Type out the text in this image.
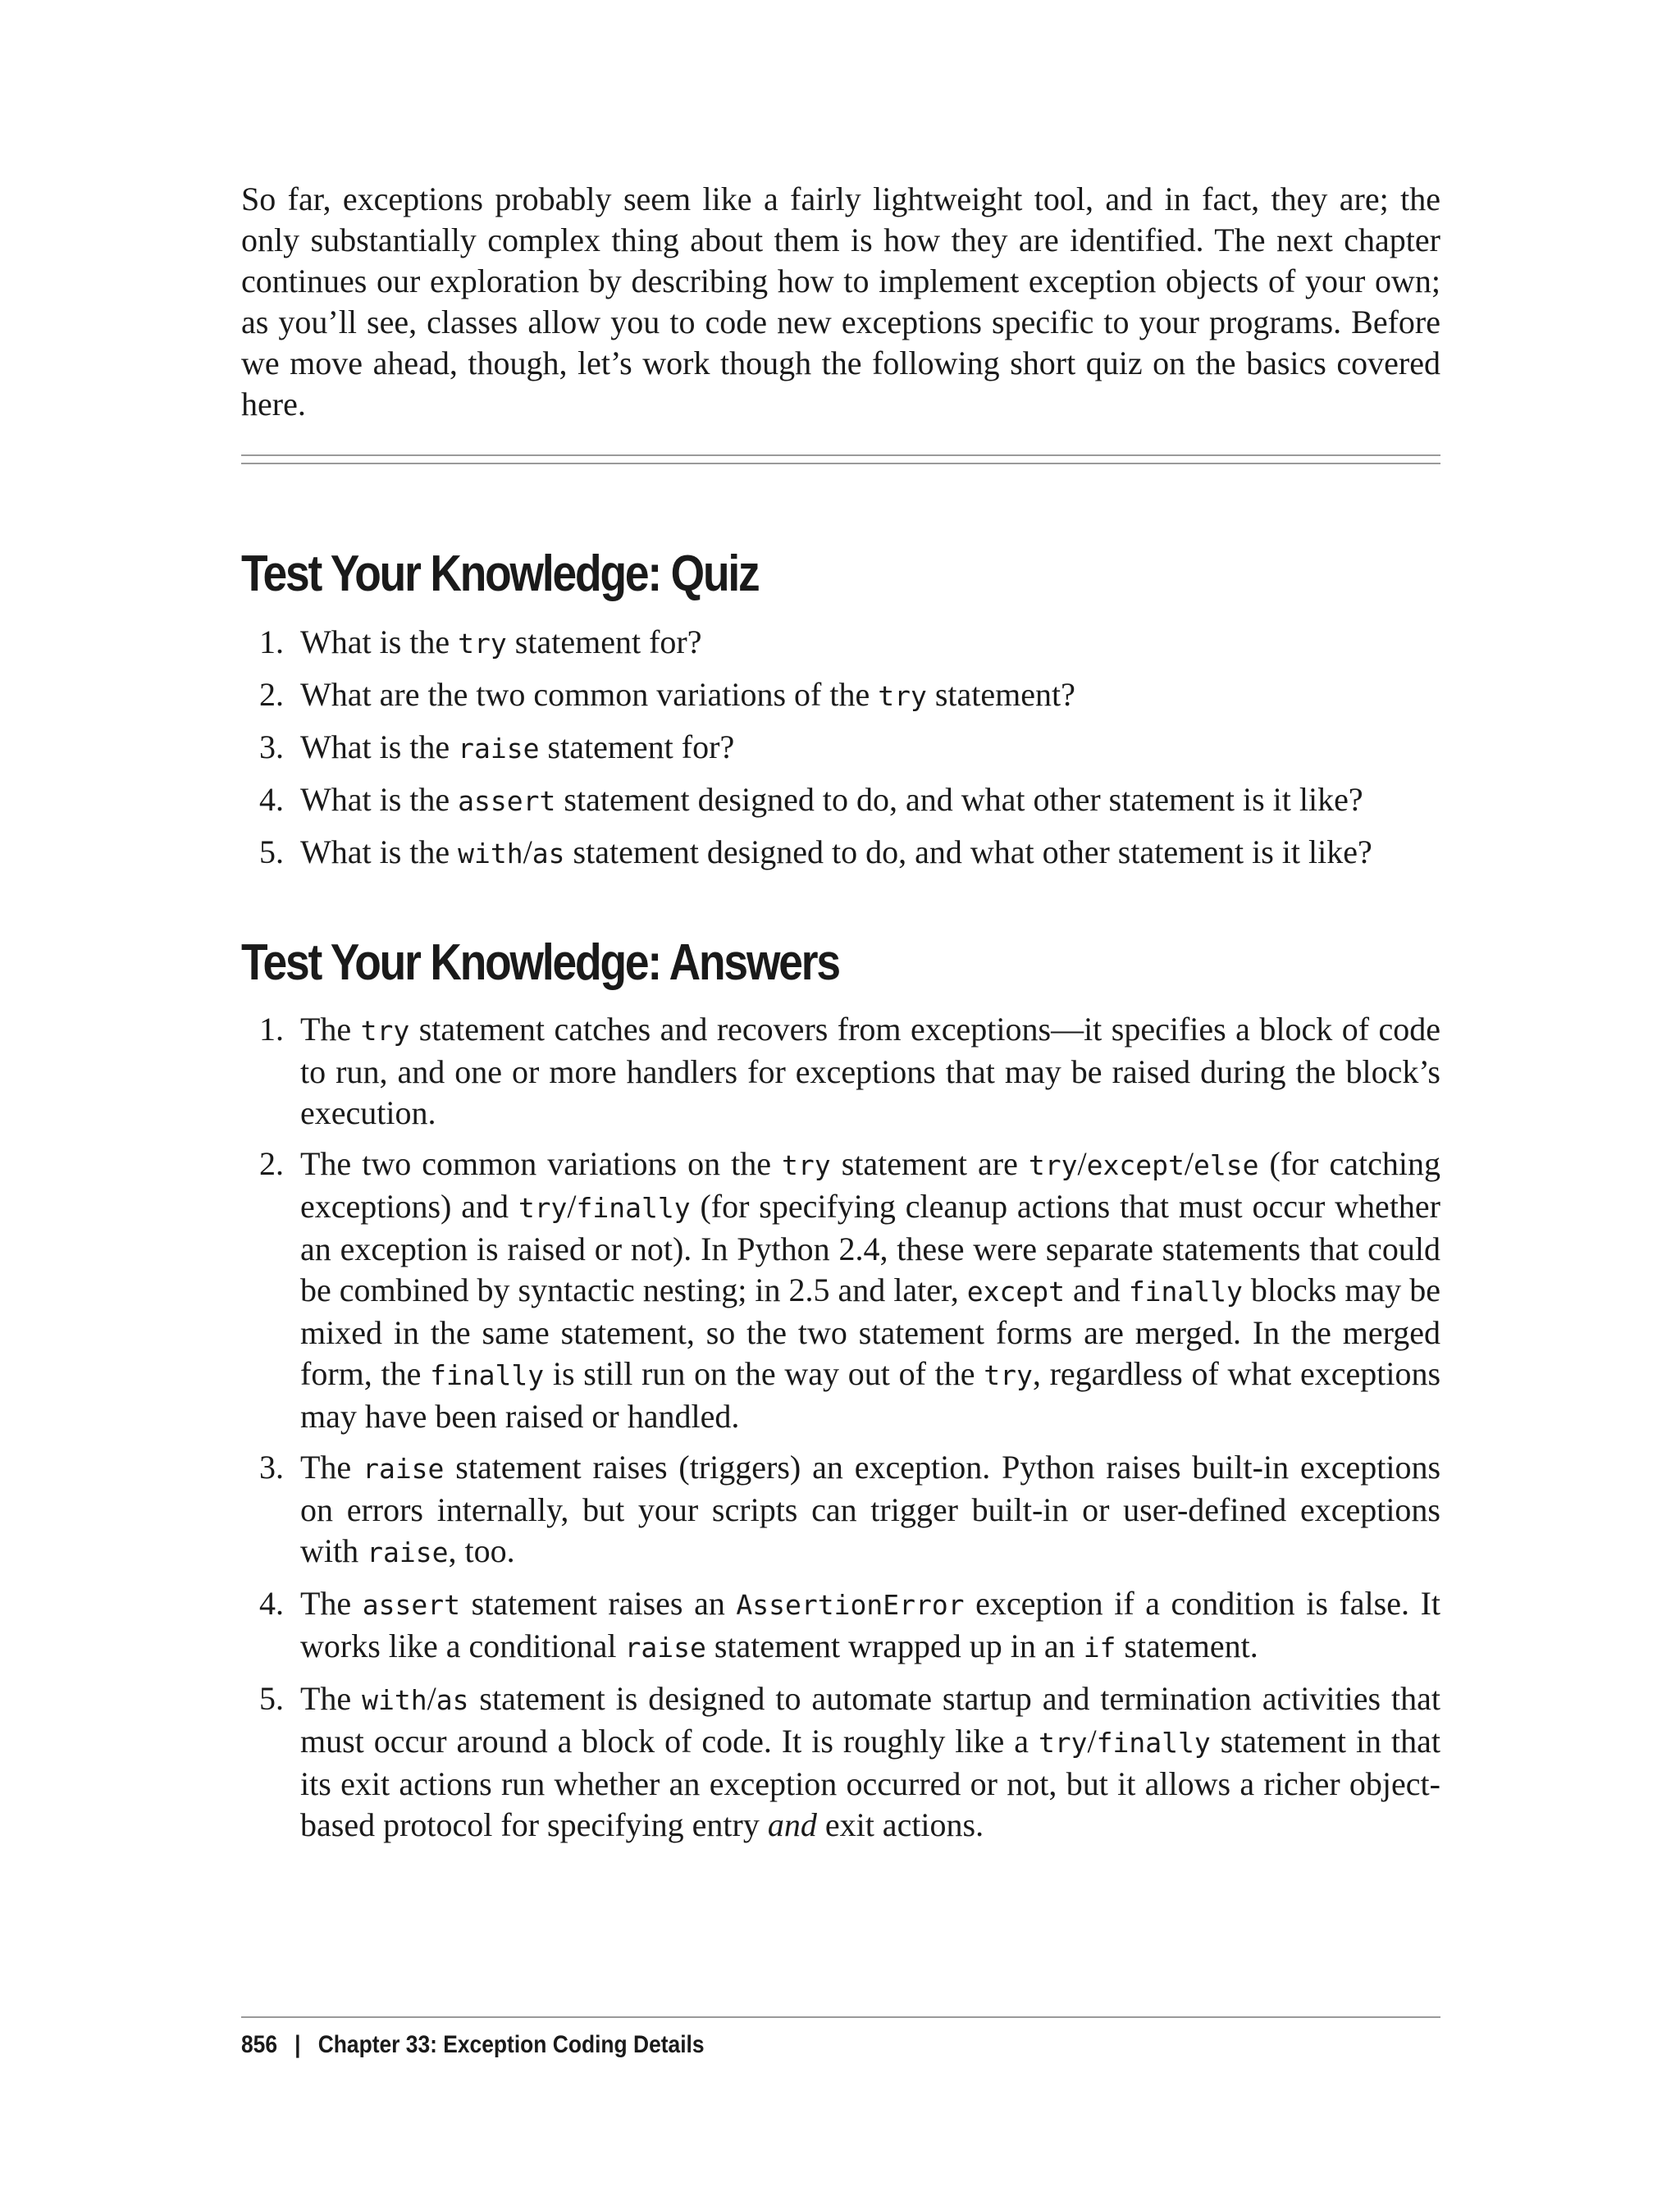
So far, exceptions probably seem like a fairly lightweight tool, and in fact, they are; the only substantially complex thing about them is how they are identified. The next chapter continues our exploration by describing how to implement exception objects of your own; as you’ll see, classes allow you to code new exceptions specific to your programs. Before we move ahead, though, let’s work though the following short quiz on the basics covered here.

Test Your Knowledge: Quiz
1. What is the try statement for?
2. What are the two common variations of the try statement?
3. What is the raise statement for?
4. What is the assert statement designed to do, and what other statement is it like?
5. What is the with/as statement designed to do, and what other statement is it like?
Test Your Knowledge: Answers
1. The try statement catches and recovers from exceptions—it specifies a block of code to run, and one or more handlers for exceptions that may be raised during the block’s execution.
2. The two common variations on the try statement are try/except/else (for catching exceptions) and try/finally (for specifying cleanup actions that must occur whether an exception is raised or not). In Python 2.4, these were separate statements that could be combined by syntactic nesting; in 2.5 and later, except and finally blocks may be mixed in the same statement, so the two statement forms are merged. In the merged form, the finally is still run on the way out of the try, regardless of what exceptions may have been raised or handled.
3. The raise statement raises (triggers) an exception. Python raises built-in exceptions on errors internally, but your scripts can trigger built-in or user-defined exceptions with raise, too.
4. The assert statement raises an AssertionError exception if a condition is false. It works like a conditional raise statement wrapped up in an if statement.
5. The with/as statement is designed to automate startup and termination activities that must occur around a block of code. It is roughly like a try/finally statement in that its exit actions run whether an exception occurred or not, but it allows a richer object-based protocol for specifying entry and exit actions.
856 | Chapter 33: Exception Coding Details
